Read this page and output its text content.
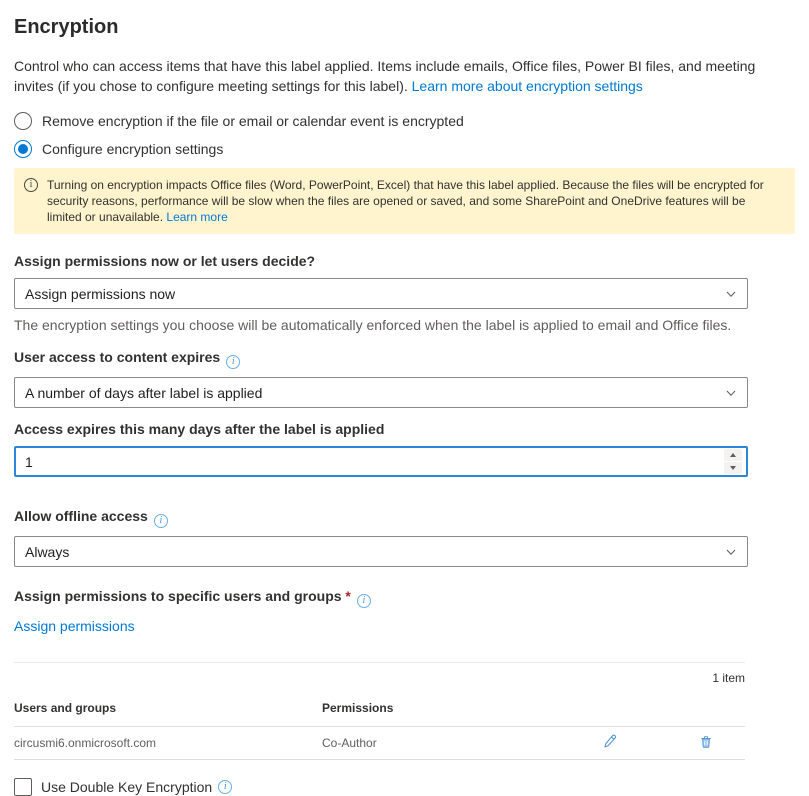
Encryption
Control who can access items that have this label applied. Items include emails, Office files, Power BI files, and meeting invites (if you chose to configure meeting settings for this label). Learn more about encryption settings
Remove encryption if the file or email or calendar event is encrypted
Configure encryption settings
i
Turning on encryption impacts Office files (Word, PowerPoint, Excel) that have this label applied. Because the files will be encrypted for security reasons, performance will be slow when the files are opened or saved, and some SharePoint and OneDrive features will be limited or unavailable. Learn more
Assign permissions now or let users decide?
Assign permissions now
The encryption settings you choose will be automatically enforced when the label is applied to email and Office files.
User access to content expiresi
A number of days after label is applied
Access expires this many days after the label is applied
1
Allow offline accessi
Always
Assign permissions to specific users and groups *i
Assign permissions
1 item
Users and groups	Permissions
circusmi6.onmicrosoft.com	Co-Author
Use Double Key Encryption
i
